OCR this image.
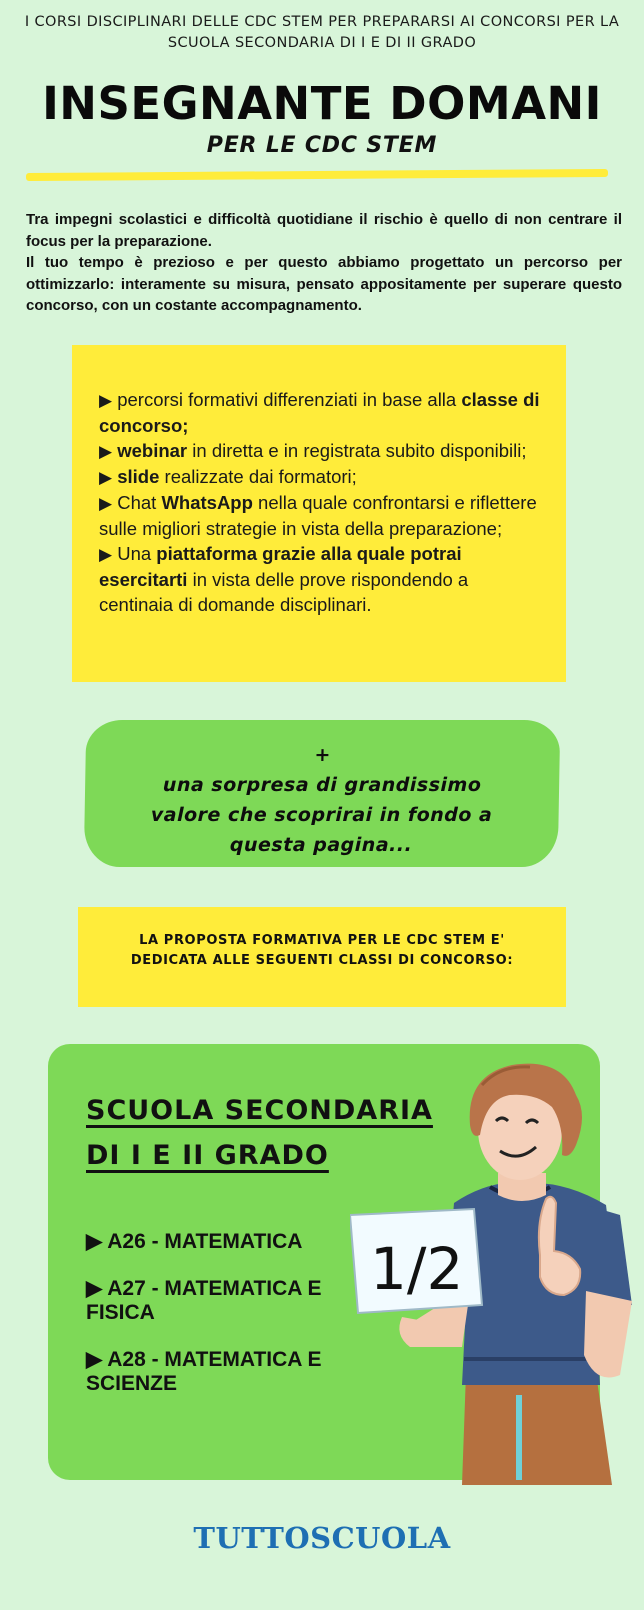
I CORSI DISCIPLINARI DELLE CDC STEM PER PREPARARSI AI CONCORSI PER LA SCUOLA SECONDARIA DI I E DI II GRADO
INSEGNANTE DOMANI
PER LE CDC STEM

Tra impegni scolastici e difficoltà quotidiane il rischio è quello di non centrare il focus per la preparazione.

Il tuo tempo è prezioso e per questo abbiamo progettato un percorso per ottimizzarlo: interamente su misura, pensato appositamente per superare questo concorso, con un costante accompagnamento.

▶ percorsi formativi differenziati in base alla classe di concorso;

▶ webinar in diretta e in registrata subito disponibili;

▶ slide realizzate dai formatori;

▶ Chat WhatsApp nella quale confrontarsi e riflettere sulle migliori strategie in vista della preparazione;

▶ Una piattaforma grazie alla quale potrai esercitarti in vista delle prove rispondendo a centinaia di domande disciplinari.

+
una sorpresa di grandissimo valore che scoprirai in fondo a questa pagina...
LA PROPOSTA FORMATIVA PER LE CDC STEM E' DEDICATA ALLE SEGUENTI CLASSI DI CONCORSO:
SCUOLA SECONDARIA
DI I E II GRADO

▶ A26 - MATEMATICA

▶ A27 - MATEMATICA E FISICA

▶ A28 - MATEMATICA E SCIENZE

1/2
TUTTOSCUOLA
